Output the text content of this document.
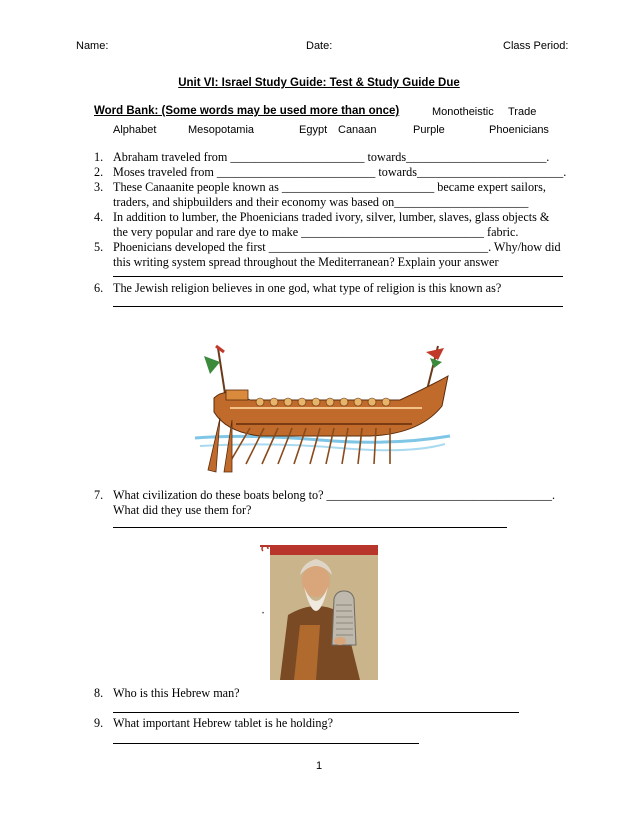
Name:	Date:	Class Period:
Unit VI: Israel Study Guide: Test & Study Guide Due
Word Bank: (Some words may be used more than once)	Monotheistic Trade
Alphabet	Mesopotamia	Egypt Canaan	Purple	Phoenicians
1. Abraham traveled from ______________________ towards_______________________.
2. Moses traveled from __________________________ towards________________________.
3. These Canaanite people known as _________________________ became expert sailors,
traders, and shipbuilders and their economy was based on______________________
4. In addition to lumber, the Phoenicians traded ivory, silver, lumber, slaves, glass objects &
the very popular and rare dye to make ______________________________ fabric.
5. Phoenicians developed the first ____________________________________. Why/how did
this writing system spread throughout the Mediterranean? Explain your answer
6. The Jewish religion believes in one god, what type of religion is this known as?
7. What civilization do these boats belong to? _____________________________________.
What did they use them for?
•
8. Who is this Hebrew man?
9. What important Hebrew tablet is he holding?
1
